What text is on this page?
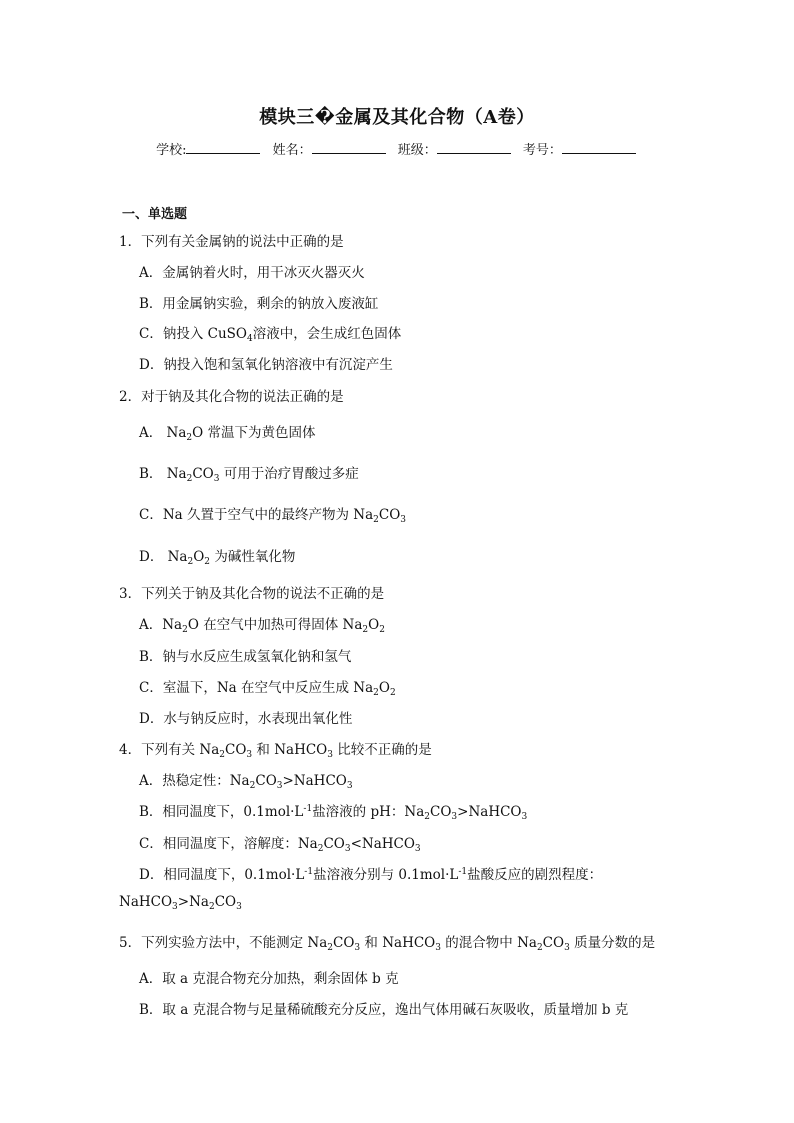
模块三�金属及其化合物（A卷）
学校:	姓名：	班级：	考号：
一、单选题
1．下列有关金属钠的说法中正确的是
A．金属钠着火时，用干冰灭火器灭火
B．用金属钠实验，剩余的钠放入废液缸
C．钠投入 CuSO$_4$溶液中，会生成红色固体
D．钠投入饱和氢氧化钠溶液中有沉淀产生
2．对于钠及其化合物的说法正确的是
A． $Na_2O$ 常温下为黄色固体
B． $Na_2CO_3$ 可用于治疗胃酸过多症
C．Na 久置于空气中的最终产物为 $Na_2CO_3$
D． $Na_2O_2$ 为碱性氧化物
3．下列关于钠及其化合物的说法不正确的是
A．$Na_2O$ 在空气中加热可得固体 $Na_2O_2$
B．钠与水反应生成氢氧化钠和氢气
C．室温下，Na 在空气中反应生成 $Na_2O_2$
D．水与钠反应时，水表现出氧化性
4．下列有关 $Na_2CO_3$ 和 NaHCO$_3$ 比较不正确的是
A．热稳定性：$Na_2CO_3>NaHCO_3$
B．相同温度下，$0.1mol\cdot L^{-1}$盐溶液的 pH：$Na_2CO_3>NaHCO_3$
C．相同温度下，溶解度：$Na_2CO_3<NaHCO_3$
D．相同温度下，$0.1mol\cdot L^{-1}$盐溶液分别与 $0.1mol\cdot L^{-1}$盐酸反应的剧烈程度：
$NaHCO_3>Na_2CO_3$
5．下列实验方法中，不能测定 $Na_2CO_3$ 和 NaHCO$_3$ 的混合物中 $Na_2CO_3$ 质量分数的是
A．取 a 克混合物充分加热，剩余固体 b 克
B．取 a 克混合物与足量稀硫酸充分反应，逸出气体用碱石灰吸收，质量增加 b 克
